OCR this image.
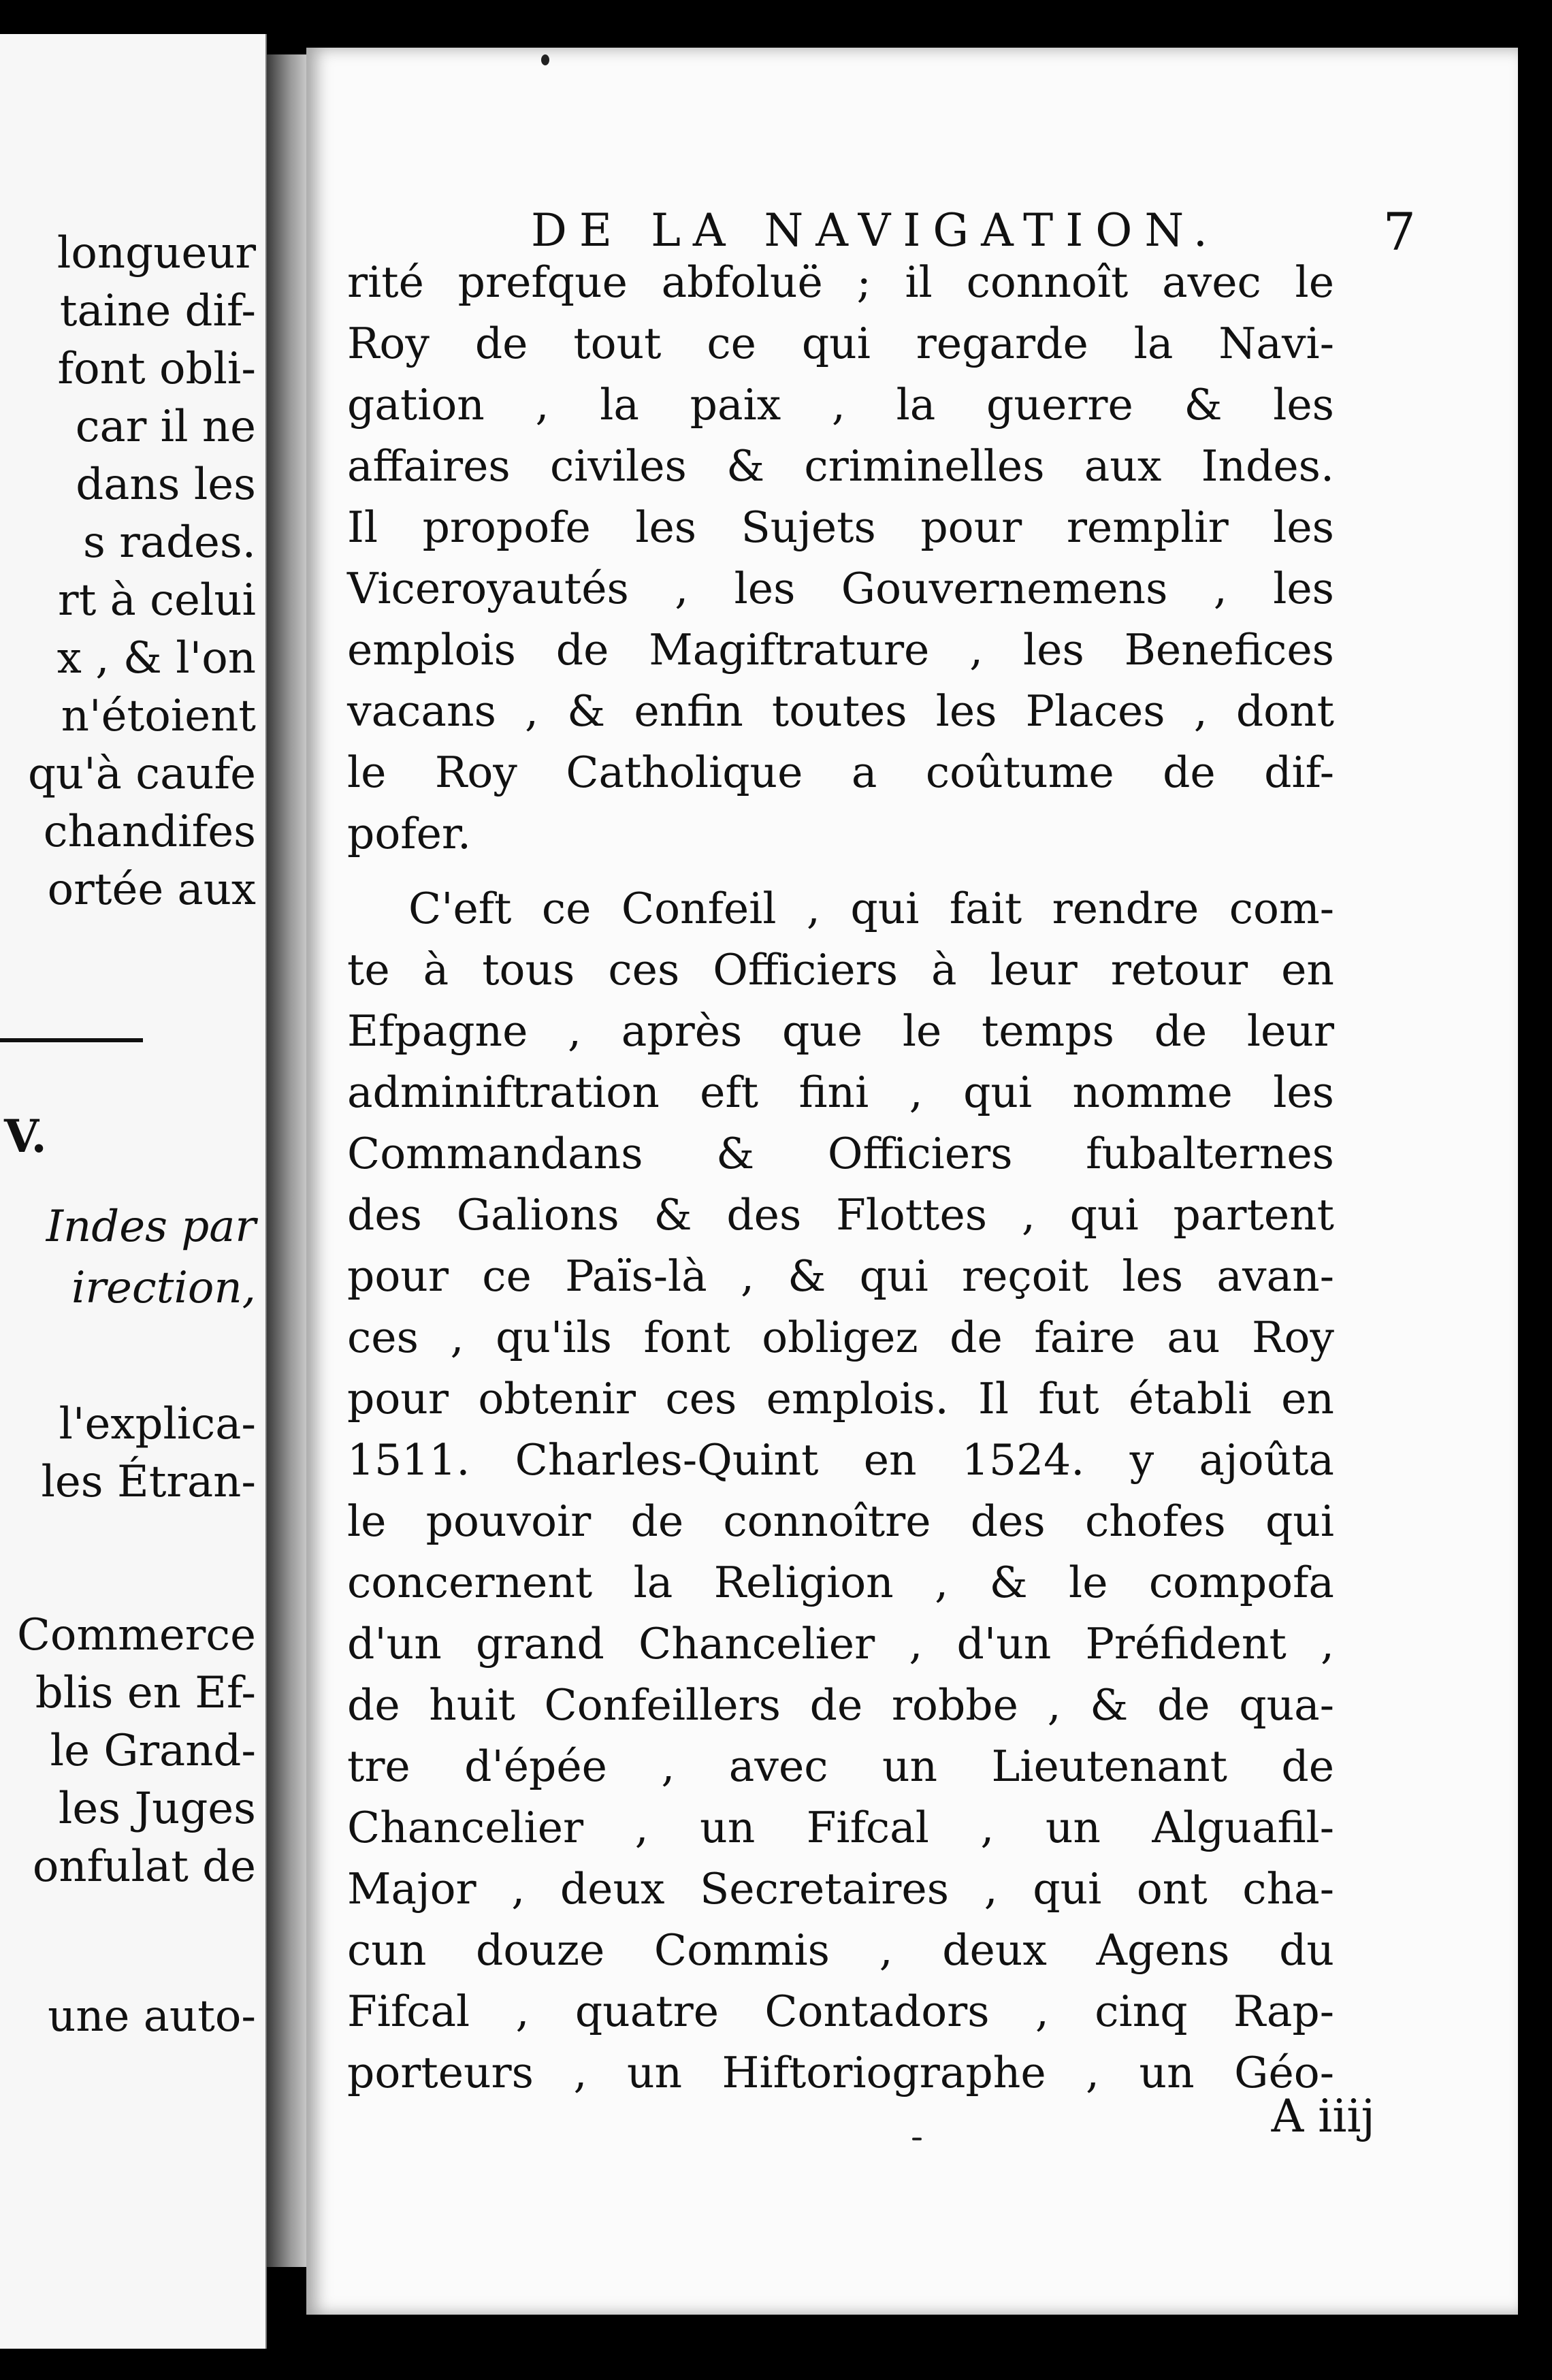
longueur
taine dif-
font obli-
car il ne
dans les
s rades.
rt à celui
x , & l'on
n'étoient
qu'à caufe
chandifes
ortée aux
V.
Indes par
irection,
l'explica-
les Étran-
Commerce
blis en Ef-
le Grand-
les Juges
onfulat de
une auto-
DE LA NAVIGATION.	7
rité prefque abfoluë ; il connoît avec le
Roy de tout ce qui regarde la Navi-
gation , la paix , la guerre & les
affaires civiles & criminelles aux Indes.
Il propofe les Sujets pour remplir les
Viceroyautés , les Gouvernemens , les
emplois de Magiftrature , les Benefices
vacans , & enfin toutes les Places , dont
le Roy Catholique a coûtume de dif-
pofer.
C'eft ce Confeil , qui fait rendre com-
te à tous ces Officiers à leur retour en
Efpagne , après que le temps de leur
adminiftration eft fini , qui nomme les
Commandans & Officiers fubalternes
des Galions & des Flottes , qui partent
pour ce Païs-là , & qui reçoit les avan-
ces , qu'ils font obligez de faire au Roy
pour obtenir ces emplois. Il fut établi en
1511. Charles-Quint en 1524. y ajoûta
le pouvoir de connoître des chofes qui
concernent la Religion , & le compofa
d'un grand Chancelier , d'un Préfident ,
de huit Confeillers de robbe , & de qua-
tre d'épée , avec un Lieutenant de
Chancelier , un Fifcal , un Alguafil-
Major , deux Secretaires , qui ont cha-
cun douze Commis , deux Agens du
Fifcal , quatre Contadors , cinq Rap-
porteurs , un Hiftoriographe , un Géo-
A iiij
